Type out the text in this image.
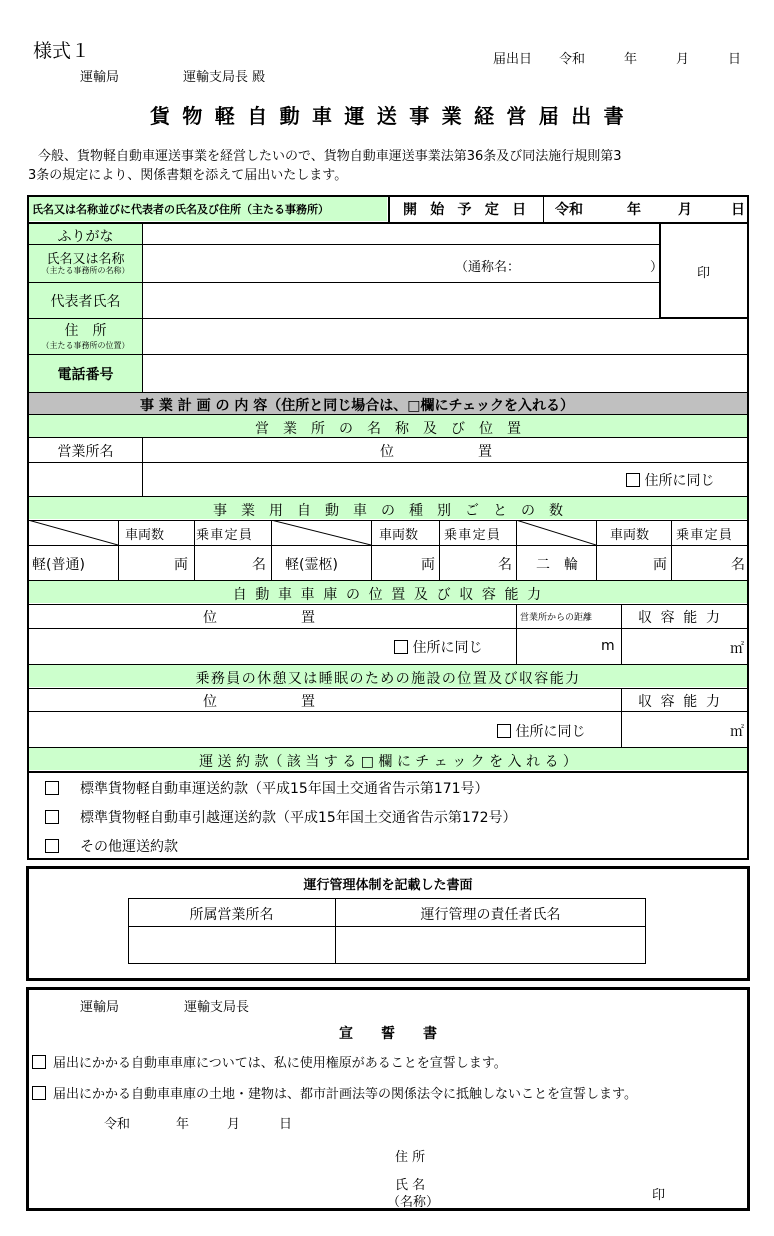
様式１
運輸局	運輸支局長 殿
届出日 令和	年	月	日
貨物軽自動車運送事業経営届出書
今般、貨物軽自動車運送事業を経営したいので、貨物自動車運送事業法第36条及び同法施行規則第3
3条の規定により、関係書類を添えて届出いたします。
氏名又は名称並びに代表者の氏名及び住所（主たる事務所）	開 始 予 定 日 令和	年	月	日
ふりがな
氏名又は名称
（主たる事務所の名称）	（通称名：	）
代表者氏名
印
住　所
（主たる事務所の位置）
電話番号
事 業 計 画 の 内 容（住所と同じ場合は、□欄にチェックを入れる）
営　業　所　の　名　称　及　び　位　置
営業所名	位　　　　　　置
住所に同じ
事　業　用　自　動　車　の　種　別　ご　と　の　数
車両数 乗車定員	車両数 乗車定員	車両数 乗車定員
軽(普通)	両	名 軽(霊柩)	両	名 二　輪	両	名
自 動 車 車 庫 の 位 置 及 び 収 容 能 力
位　　　　　　置	営業所からの距離	収 容 能 力
住所に同じ	m	㎡
乗務員の休憩又は睡眠のための施設の位置及び収容能力
位　　　　　　置	収 容 能 力
住所に同じ	㎡
運 送 約 款（ 該 当 す る □ 欄 に チ ェ ッ ク を 入 れ る ）
標準貨物軽自動車運送約款（平成15年国土交通省告示第171号）
標準貨物軽自動車引越運送約款（平成15年国土交通省告示第172号）
その他運送約款
運行管理体制を記載した書面
所属営業所名	運行管理の責任者氏名
運輸局	運輸支局長
宣　　誓　　書
届出にかかる自動車車庫については、私に使用権原があることを宣誓します。
届出にかかる自動車車庫の土地・建物は、都市計画法等の関係法令に抵触しないことを宣誓します。
令和	年	月	日
住 所
氏 名
（名称）	印
